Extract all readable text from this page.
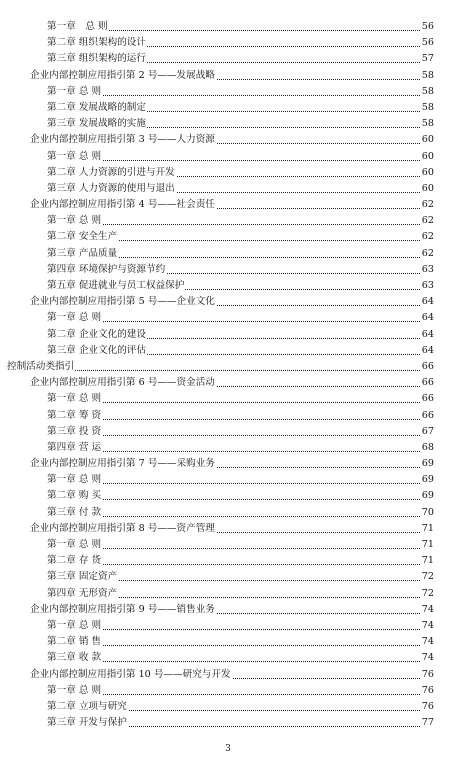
第一章　总 则	56
第二章 组织架构的设计	56
第三章 组织架构的运行	57
企业内部控制应用指引第 2 号——发展战略	58
第一章 总 则	58
第二章 发展战略的制定	58
第三章 发展战略的实施	58
企业内部控制应用指引第 3 号——人力资源	60
第一章 总 则	60
第二章 人力资源的引进与开发	60
第三章 人力资源的使用与退出	60
企业内部控制应用指引第 4 号——社会责任	62
第一章 总 则	62
第二章 安全生产	62
第三章 产品质量	62
第四章 环境保护与资源节约	63
第五章 促进就业与员工权益保护	63
企业内部控制应用指引第 5 号——企业文化	64
第一章 总 则	64
第二章 企业文化的建设	64
第三章 企业文化的评估	64
控制活动类指引	66
企业内部控制应用指引第 6 号——资金活动	66
第一章 总 则	66
第二章 筹 资	66
第三章 投 资	67
第四章 营 运	68
企业内部控制应用指引第 7 号——采购业务	69
第一章 总 则	69
第二章 购 买	69
第三章 付 款	70
企业内部控制应用指引第 8 号——资产管理	71
第一章 总 则	71
第二章 存 货	71
第三章 固定资产	72
第四章 无形资产	72
企业内部控制应用指引第 9 号——销售业务	74
第一章 总 则	74
第二章 销 售	74
第三章 收 款	74
企业内部控制应用指引第 10 号——研究与开发	76
第一章 总 则	76
第二章 立项与研究	76
第三章 开发与保护	77
3
